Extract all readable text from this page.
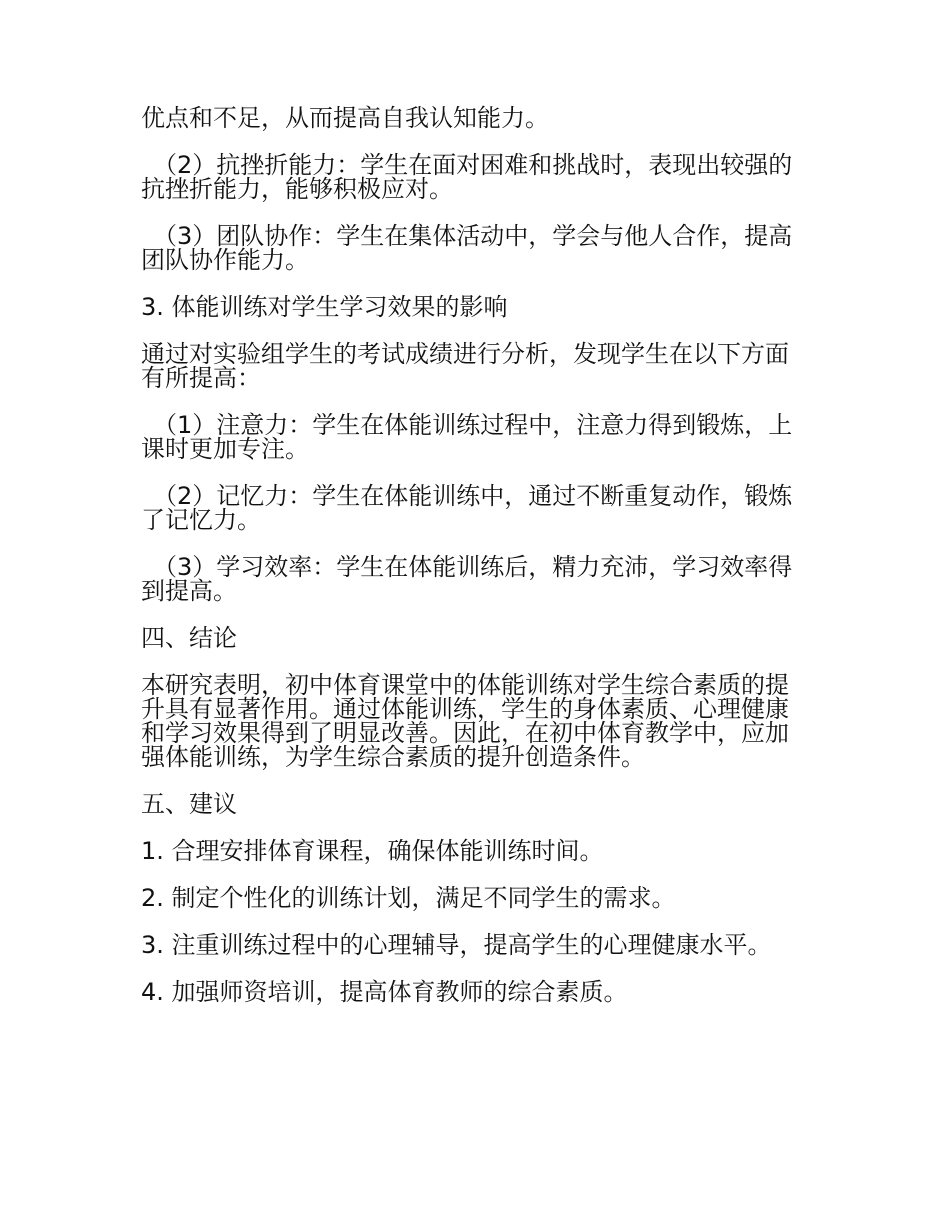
优点和不足，从而提高自我认知能力。
（2）抗挫折能力：学生在面对困难和挑战时，表现出较强的
抗挫折能力，能够积极应对。
（3）团队协作：学生在集体活动中，学会与他人合作，提高
团队协作能力。
3. 体能训练对学生学习效果的影响
通过对实验组学生的考试成绩进行分析，发现学生在以下方面
有所提高：
（1）注意力：学生在体能训练过程中，注意力得到锻炼，上
课时更加专注。
（2）记忆力：学生在体能训练中，通过不断重复动作，锻炼
了记忆力。
（3）学习效率：学生在体能训练后，精力充沛，学习效率得
到提高。
四、结论
本研究表明，初中体育课堂中的体能训练对学生综合素质的提
升具有显著作用。通过体能训练，学生的身体素质、心理健康
和学习效果得到了明显改善。因此，在初中体育教学中，应加
强体能训练，为学生综合素质的提升创造条件。
五、建议
1. 合理安排体育课程，确保体能训练时间。
2. 制定个性化的训练计划，满足不同学生的需求。
3. 注重训练过程中的心理辅导，提高学生的心理健康水平。
4. 加强师资培训，提高体育教师的综合素质。
